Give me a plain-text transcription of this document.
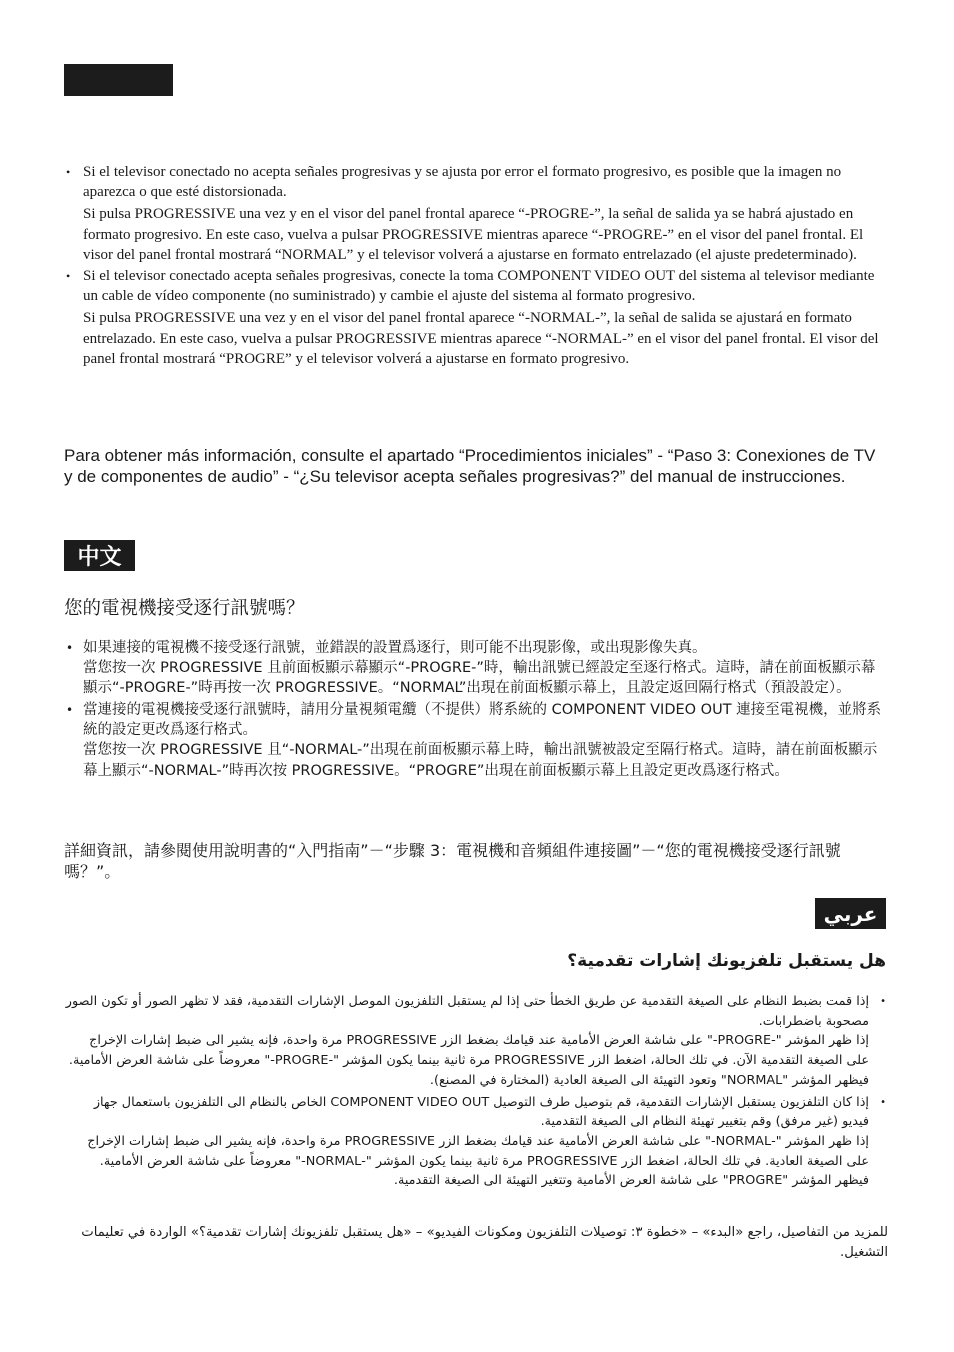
中文
عربي
• Si el televisor conectado no acepta señales progresivas y se ajusta por error el formato progresivo, es posible que la imagen no aparezca o que esté distorsionada.

Si pulsa PROGRESSIVE una vez y en el visor del panel frontal aparece “-PROGRE-”, la señal de salida ya se habrá ajustado en formato progresivo. En este caso, vuelva a pulsar PROGRESSIVE mientras aparece “-PROGRE-” en el visor del panel frontal. El visor del panel frontal mostrará “NORMAL” y el televisor volverá a ajustarse en formato entrelazado (el ajuste predeterminado).

• Si el televisor conectado acepta señales progresivas, conecte la toma COMPONENT VIDEO OUT del sistema al televisor mediante un cable de vídeo componente (no suministrado) y cambie el ajuste del sistema al formato progresivo.

Si pulsa PROGRESSIVE una vez y en el visor del panel frontal aparece “-NORMAL-”, la señal de salida se ajustará en formato entrelazado. En este caso, vuelva a pulsar PROGRESSIVE mientras aparece “-NORMAL-” en el visor del panel frontal. El visor del panel frontal mostrará “PROGRE” y el televisor volverá a ajustarse en formato progresivo.

Para obtener más información, consulte el apartado “Procedimientos iniciales” - “Paso 3: Conexiones de TV y de componentes de audio” - “¿Su televisor acepta señales progresivas?” del manual de instrucciones.

您的電視機接受逐行訊號嗎？
• 如果連接的電視機不接受逐行訊號，並錯誤的設置爲逐行，則可能不出現影像，或出現影像失真。

當您按一次 PROGRESSIVE 且前面板顯示幕顯示“-PROGRE-”時，輸出訊號已經設定至逐行格式。這時，請在前面板顯示幕顯示“-PROGRE-”時再按一次 PROGRESSIVE。“NORMAL”出現在前面板顯示幕上，且設定返回隔行格式（預設設定）。

• 當連接的電視機接受逐行訊號時，請用分量視頻電纜（不提供）將系統的 COMPONENT VIDEO OUT 連接至電視機，並將系統的設定更改爲逐行格式。

當您按一次 PROGRESSIVE 且“-NORMAL-”出現在前面板顯示幕上時，輸出訊號被設定至隔行格式。這時，請在前面板顯示幕上顯示“-NORMAL-”時再次按 PROGRESSIVE。“PROGRE”出現在前面板顯示幕上且設定更改爲逐行格式。

詳細資訊，請參閱使用說明書的“入門指南”－“步驟 3：電視機和音頻組件連接圖”－“您的電視機接受逐行訊號嗎？”。

هل يستقبل تلفزيونك إشارات تقدمية؟
•

إذا قمت بضبط النظام على الصيغة التقدمية عن طريق الخطأ حتى إذا لم يستقبل التلفزيون الموصل الإشارات التقدمية، فقد لا تظهر الصور أو تكون الصور مصحوبة باضطرابات.

إذا ظهر المؤشر "-PROGRE-" على شاشة العرض الأمامية عند قيامك بضغط الزر PROGRESSIVE مرة واحدة، فإنه يشير الى ضبط إشارات الإخراج على الصيغة التقدمية الآن. في تلك الحالة، اضغط الزر PROGRESSIVE مرة ثانية بينما يكون المؤشر "-PROGRE-" معروضاً على شاشة العرض الأمامية. فيظهر المؤشر "NORMAL" وتعود التهيئة الى الصيغة العادية (المختارة في المصنع).

•

إذا كان التلفزيون يستقبل الإشارات التقدمية، قم بتوصيل طرف التوصيل COMPONENT VIDEO OUT الخاص بالنظام الى التلفزيون باستعمال جهاز فيديو (غير مرفق) وقم بتغيير تهيئة النظام الى الصيغة التقدمية.

إذا ظهر المؤشر "-NORMAL-" على شاشة العرض الأمامية عند قيامك بضغط الزر PROGRESSIVE مرة واحدة، فإنه يشير الى ضبط إشارات الإخراج على الصيغة العادية. في تلك الحالة، اضغط الزر PROGRESSIVE مرة ثانية بينما يكون المؤشر "-NORMAL-" معروضاً على شاشة العرض الأمامية. فيظهر المؤشر "PROGRE" على شاشة العرض الأمامية وتتغير التهيئة الى الصيغة التقدمية.

للمزيد من التفاصيل، راجع «البدء» – «خطوة ٣: توصيلات التلفزيون ومكونات الفيديو» – «هل يستقبل تلفزيونك إشارات تقدمية؟» الواردة في تعليمات التشغيل.
